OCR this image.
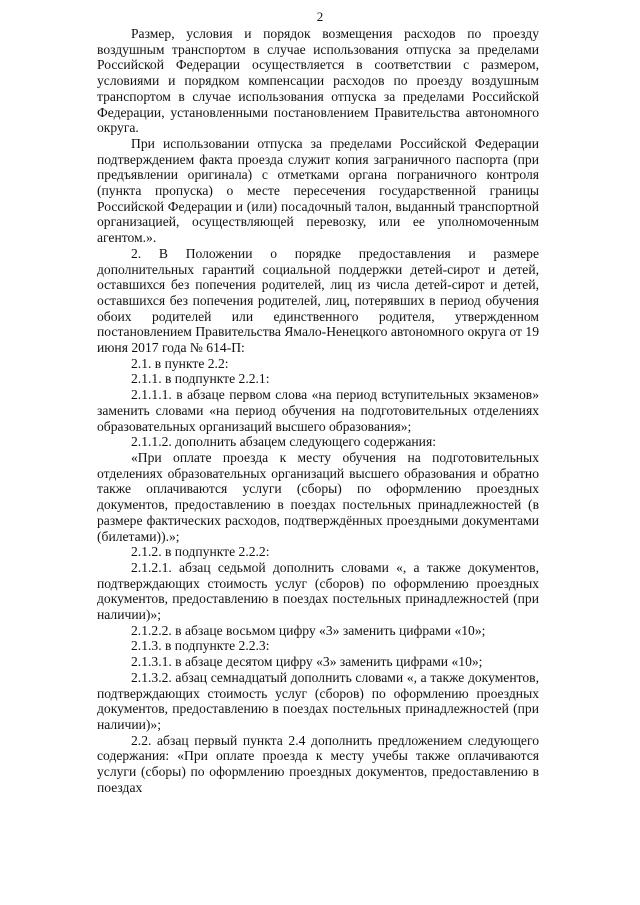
2

Размер, условия и порядок возмещения расходов по проезду воздушным транспортом в случае использования отпуска за пределами Российской Федерации осуществляется в соответствии с размером, условиями и порядком компенсации расходов по проезду воздушным транспортом в случае использования отпуска за пределами Российской Федерации, установленными постановлением Правительства автономного округа.

При использовании отпуска за пределами Российской Федерации подтверждением факта проезда служит копия заграничного паспорта (при предъявлении оригинала) с отметками органа пограничного контроля (пункта пропуска) о месте пересечения государственной границы Российской Федерации и (или) посадочный талон, выданный транспортной организацией, осуществляющей перевозку, или ее уполномоченным агентом.».

2. В Положении о порядке предоставления и размере дополнительных гарантий социальной поддержки детей-сирот и детей, оставшихся без попечения родителей, лиц из числа детей-сирот и детей, оставшихся без попечения родителей, лиц, потерявших в период обучения обоих родителей или единственного родителя, утвержденном постановлением Правительства Ямало-Ненецкого автономного округа от 19 июня 2017 года № 614-П:

2.1. в пункте 2.2:

2.1.1. в подпункте 2.2.1:

2.1.1.1. в абзаце первом слова «на период вступительных экзаменов» заменить словами «на период обучения на подготовительных отделениях образовательных организаций высшего образования»;

2.1.1.2. дополнить абзацем следующего содержания:

«При оплате проезда к месту обучения на подготовительных отделениях образовательных организаций высшего образования и обратно также оплачиваются услуги (сборы) по оформлению проездных документов, предоставлению в поездах постельных принадлежностей (в размере фактических расходов, подтверждённых проездными документами (билетами)).»;

2.1.2. в подпункте 2.2.2:

2.1.2.1. абзац седьмой дополнить словами «, а также документов, подтверждающих стоимость услуг (сборов) по оформлению проездных документов, предоставлению в поездах постельных принадлежностей (при наличии)»;

2.1.2.2. в абзаце восьмом цифру «3» заменить цифрами «10»;

2.1.3. в подпункте 2.2.3:

2.1.3.1. в абзаце десятом цифру «3» заменить цифрами «10»;

2.1.3.2. абзац семнадцатый дополнить словами «, а также документов, подтверждающих стоимость услуг (сборов) по оформлению проездных документов, предоставлению в поездах постельных принадлежностей (при наличии)»;

2.2. абзац первый пункта 2.4 дополнить предложением следующего содержания: «При оплате проезда к месту учебы также оплачиваются услуги (сборы) по оформлению проездных документов, предоставлению в поездах
